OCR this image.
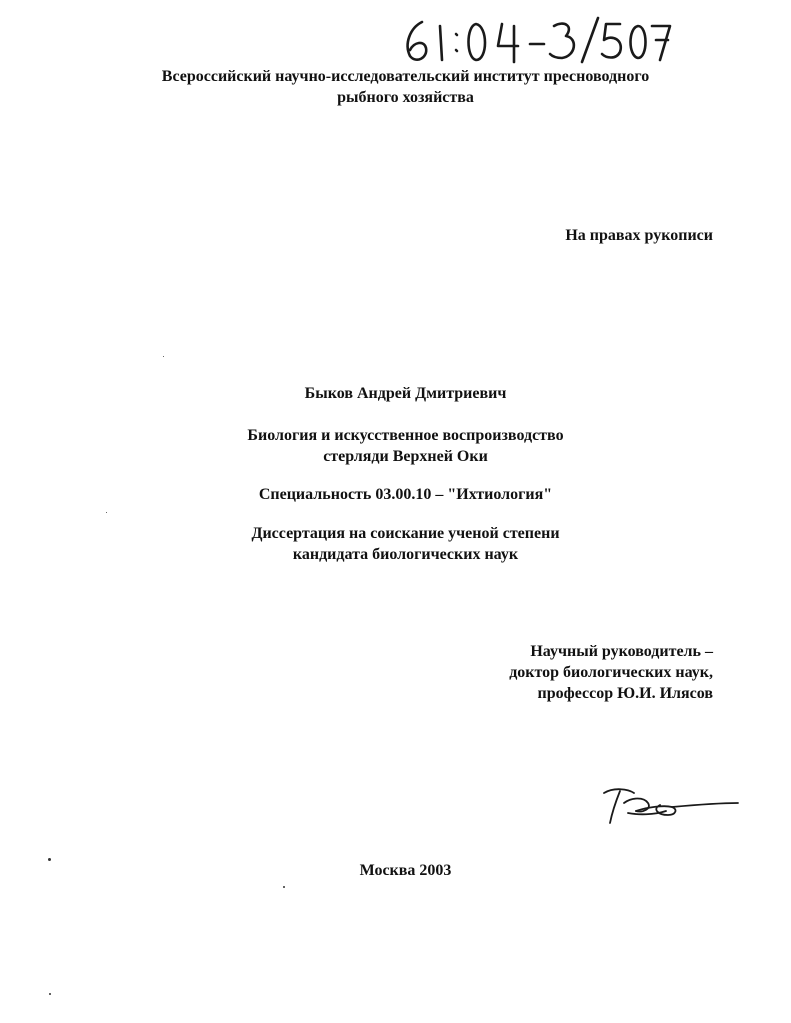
Всероссийский научно-исследовательский институт пресноводного
рыбного хозяйства
На правах рукописи
Быков Андрей Дмитриевич
Биология и искусственное воспроизводство
стерляди Верхней Оки
Специальность 03.00.10 – "Ихтиология"
Диссертация на соискание ученой степени
кандидата биологических наук
Научный руководитель –
доктор биологических наук,
профессор Ю.И. Илясов
Москва 2003
